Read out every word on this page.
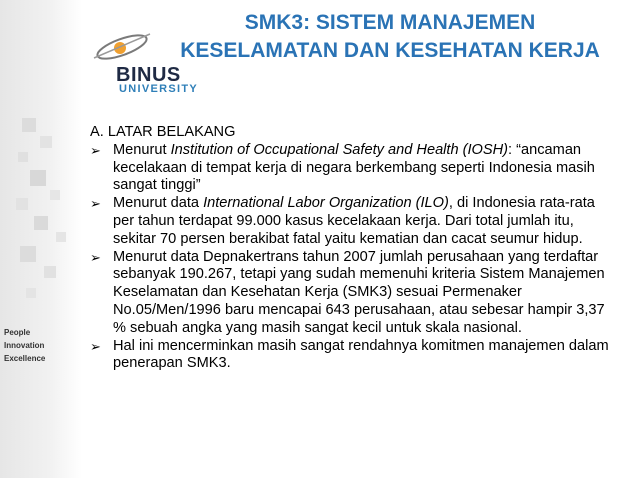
BINUS
UNIVERSITY
SMK3: SISTEM MANAJEMEN
KESELAMATAN DAN KESEHATAN KERJA
People
Innovation
Excellence

A. LATAR BELAKANG

➢ Menurut Institution of Occupational Safety and Health (IOSH): “ancaman kecelakaan di tempat kerja di negara berkembang seperti Indonesia masih sangat tinggi”
➢ Menurut data International Labor Organization (ILO), di Indonesia rata-rata per tahun terdapat 99.000 kasus kecelakaan kerja. Dari total jumlah itu, sekitar 70 persen berakibat fatal yaitu kematian dan cacat seumur hidup.
➢ Menurut data Depnakertrans tahun 2007 jumlah perusahaan yang terdaftar sebanyak 190.267, tetapi yang sudah memenuhi kriteria Sistem Manajemen Keselamatan dan Kesehatan Kerja (SMK3) sesuai Permenaker No.05/Men/1996 baru mencapai 643 perusahaan, atau sebesar hampir 3,37 % sebuah angka yang masih sangat kecil untuk skala nasional.
➢ Hal ini mencerminkan masih sangat rendahnya komitmen manajemen dalam penerapan SMK3.
